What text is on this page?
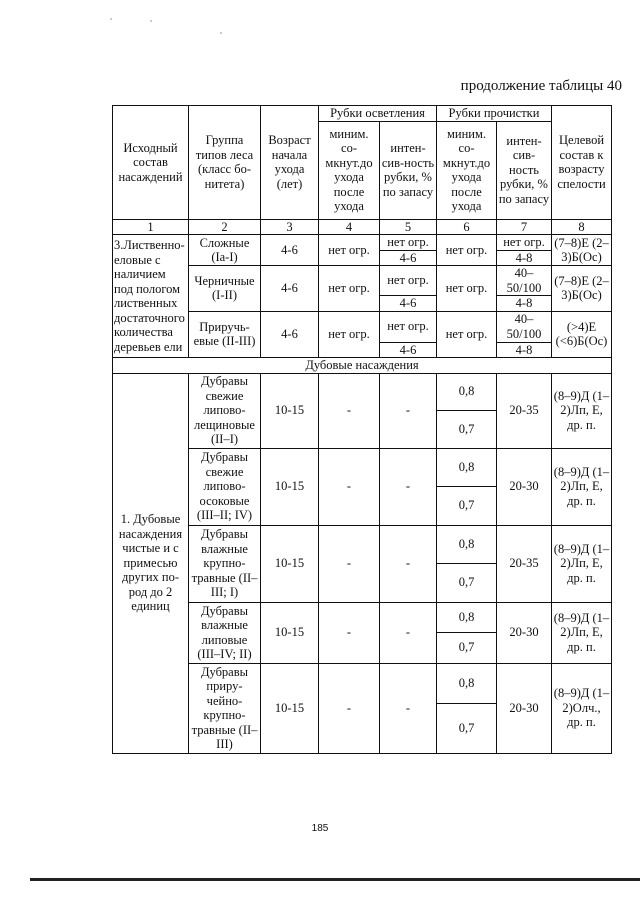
продолжение таблицы 40
Исходный состав насаждений	Группа типов леса (класс бо-нитета)	Возраст начала ухода (лет)	Рубки осветления		Рубки прочистки		Целевой состав к возрасту спелости
			миним. со-мкнут.до ухода после ухода	интен-сив-ность рубки, % по запасу	миним. со-мкнут.до ухода после ухода	интен-сив-ность рубки, % по запасу	
1	2	3	4	5	6	7	8
3.Лиственно-еловые с наличием под пологом лиственных достаточного количества деревьев ели	Сложные (Ia-I)	4-6	нет огр.	нет огр.	нет огр.	нет огр.	(7–8)Е (2–3)Б(Ос)
				4-6		4-8	
	Черничные (I-II)	4-6	нет огр.	нет огр.	нет огр.	40–50/100	(7–8)Е (2–3)Б(Ос)
				4-6		4-8	
	Приручь-евые (II-III)	4-6	нет огр.	нет огр.	нет огр.	40–50/100	(>4)Е (<6)Б(Ос)
				4-6		4-8	
Дубовые насаждения							
1. Дубовые насаждения чистые и с примесью других по-род до 2 единиц	Дубравы свежие липово-лещиновые (II–I)	10-15	-	-	0,8	20-35	(8–9)Д (1–2)Лп, Е, др. п.
					0,7		
	Дубравы свежие липово-осоковые (III–II; IV)	10-15	-	-	0,8	20-30	(8–9)Д (1–2)Лп, Е, др. п.
					0,7		
	Дубравы влажные крупно-травные (II–III; I)	10-15	-	-	0,8	20-35	(8–9)Д (1–2)Лп, Е, др. п.
					0,7		
	Дубравы влажные липовые (III–IV; II)	10-15	-	-	0,8	20-30	(8–9)Д (1–2)Лп, Е, др. п.
					0,7		
	Дубравы приру-чейно-крупно-травные (II–III)	10-15	-	-	0,8	20-30	(8–9)Д (1–2)Олч., др. п.
					0,7		
185
